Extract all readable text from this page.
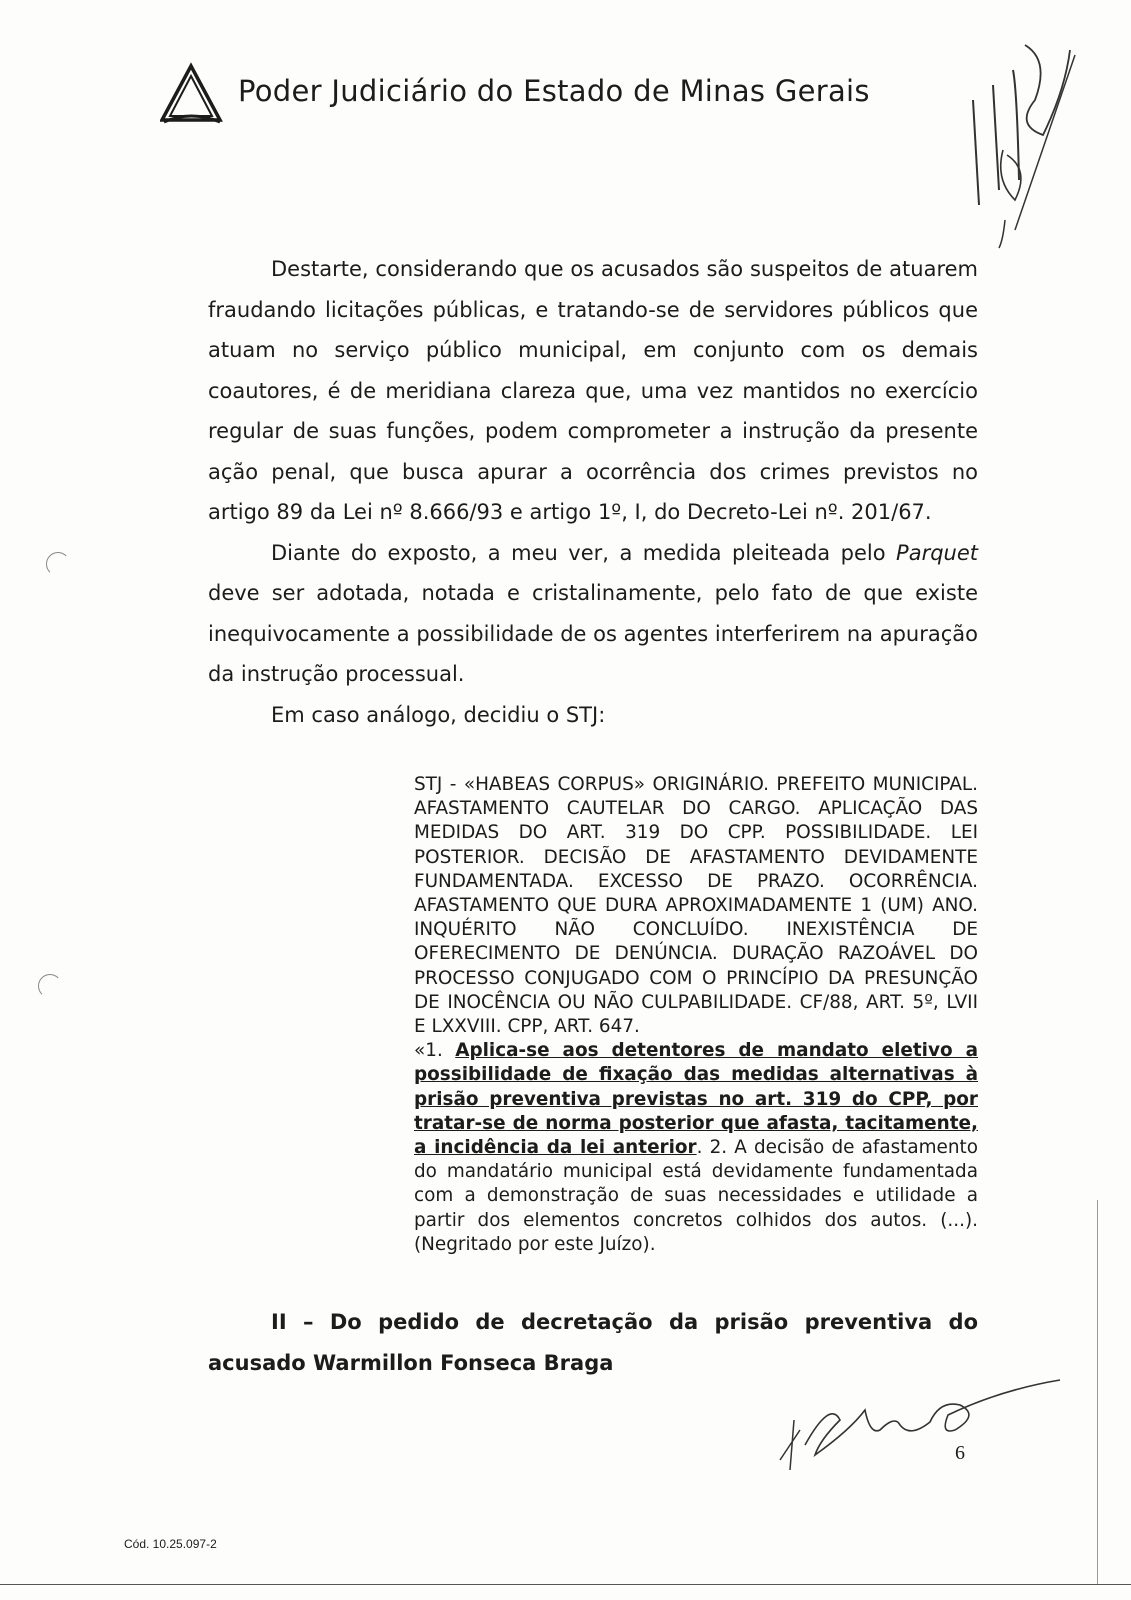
Poder Judiciário do Estado de Minas Gerais

Destarte, considerando que os acusados são suspeitos de atuarem fraudando licitações públicas, e tratando-se de servidores públicos que atuam no serviço público municipal, em conjunto com os demais coautores, é de meridiana clareza que, uma vez mantidos no exercício regular de suas funções, podem comprometer a instrução da presente ação penal, que busca apurar a ocorrência dos crimes previstos no artigo 89 da Lei nº 8.666/93 e artigo 1º, I, do Decreto-Lei nº. 201/67.

Diante do exposto, a meu ver, a medida pleiteada pelo Parquet deve ser adotada, notada e cristalinamente, pelo fato de que existe inequivocamente a possibilidade de os agentes interferirem na apuração da instrução processual.

Em caso análogo, decidiu o STJ:

STJ - «HABEAS CORPUS» ORIGINÁRIO. PREFEITO MUNICIPAL. AFASTAMENTO CAUTELAR DO CARGO. APLICAÇÃO DAS MEDIDAS DO ART. 319 DO CPP. POSSIBILIDADE. LEI POSTERIOR. DECISÃO DE AFASTAMENTO DEVIDAMENTE FUNDAMENTADA. EXCESSO DE PRAZO. OCORRÊNCIA. AFASTAMENTO QUE DURA APROXIMADAMENTE 1 (UM) ANO. INQUÉRITO NÃO CONCLUÍDO. INEXISTÊNCIA DE OFERECIMENTO DE DENÚNCIA. DURAÇÃO RAZOÁVEL DO PROCESSO CONJUGADO COM O PRINCÍPIO DA PRESUNÇÃO DE INOCÊNCIA OU NÃO CULPABILIDADE. CF/88, ART. 5º, LVII E LXXVIII. CPP, ART. 647.

«1. Aplica-se aos detentores de mandato eletivo a possibilidade de fixação das medidas alternativas à prisão preventiva previstas no art. 319 do CPP, por tratar-se de norma posterior que afasta, tacitamente, a incidência da lei anterior. 2. A decisão de afastamento do mandatário municipal está devidamente fundamentada com a demonstração de suas necessidades e utilidade a partir dos elementos concretos colhidos dos autos. (...). (Negritado por este Juízo).

II – Do pedido de decretação da prisão preventiva do acusado Warmillon Fonseca Braga

6
Cód. 10.25.097-2
